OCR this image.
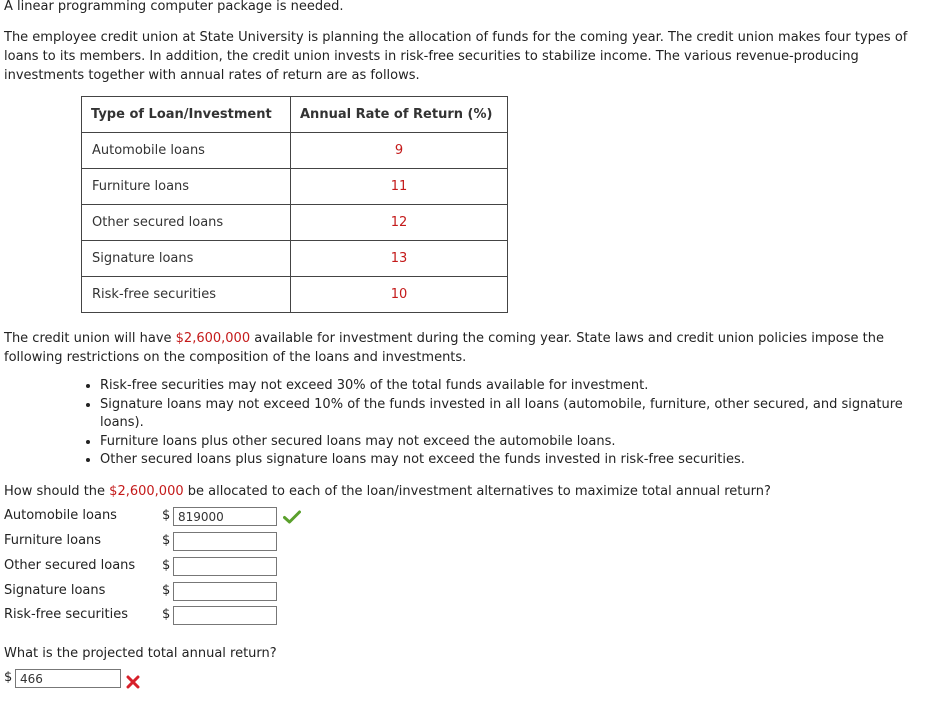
A linear programming computer package is needed.

The employee credit union at State University is planning the allocation of funds for the coming year. The credit union makes four types of loans to its members. In addition, the credit union invests in risk-free securities to stabilize income. The various revenue-producing investments together with annual rates of return are as follows.

Type of Loan/Investment	Annual Rate of Return (%)
Automobile loans	9
Furniture loans	11
Other secured loans	12
Signature loans	13
Risk-free securities	10

The credit union will have $2,600,000 available for investment during the coming year. State laws and credit union policies impose the following restrictions on the composition of the loans and investments.

• Risk-free securities may not exceed 30% of the total funds available for investment.
• Signature loans may not exceed 10% of the funds invested in all loans (automobile, furniture, other secured, and signature loans).
• Furniture loans plus other secured loans may not exceed the automobile loans.
• Other secured loans plus signature loans may not exceed the funds invested in risk-free securities.

How should the $2,600,000 be allocated to each of the loan/investment alternatives to maximize total annual return?

Automobile loans	$
819000
Furniture loans	$
Other secured loans $
Signature loans	$
Risk-free securities	$

What is the projected total annual return?

$
466
